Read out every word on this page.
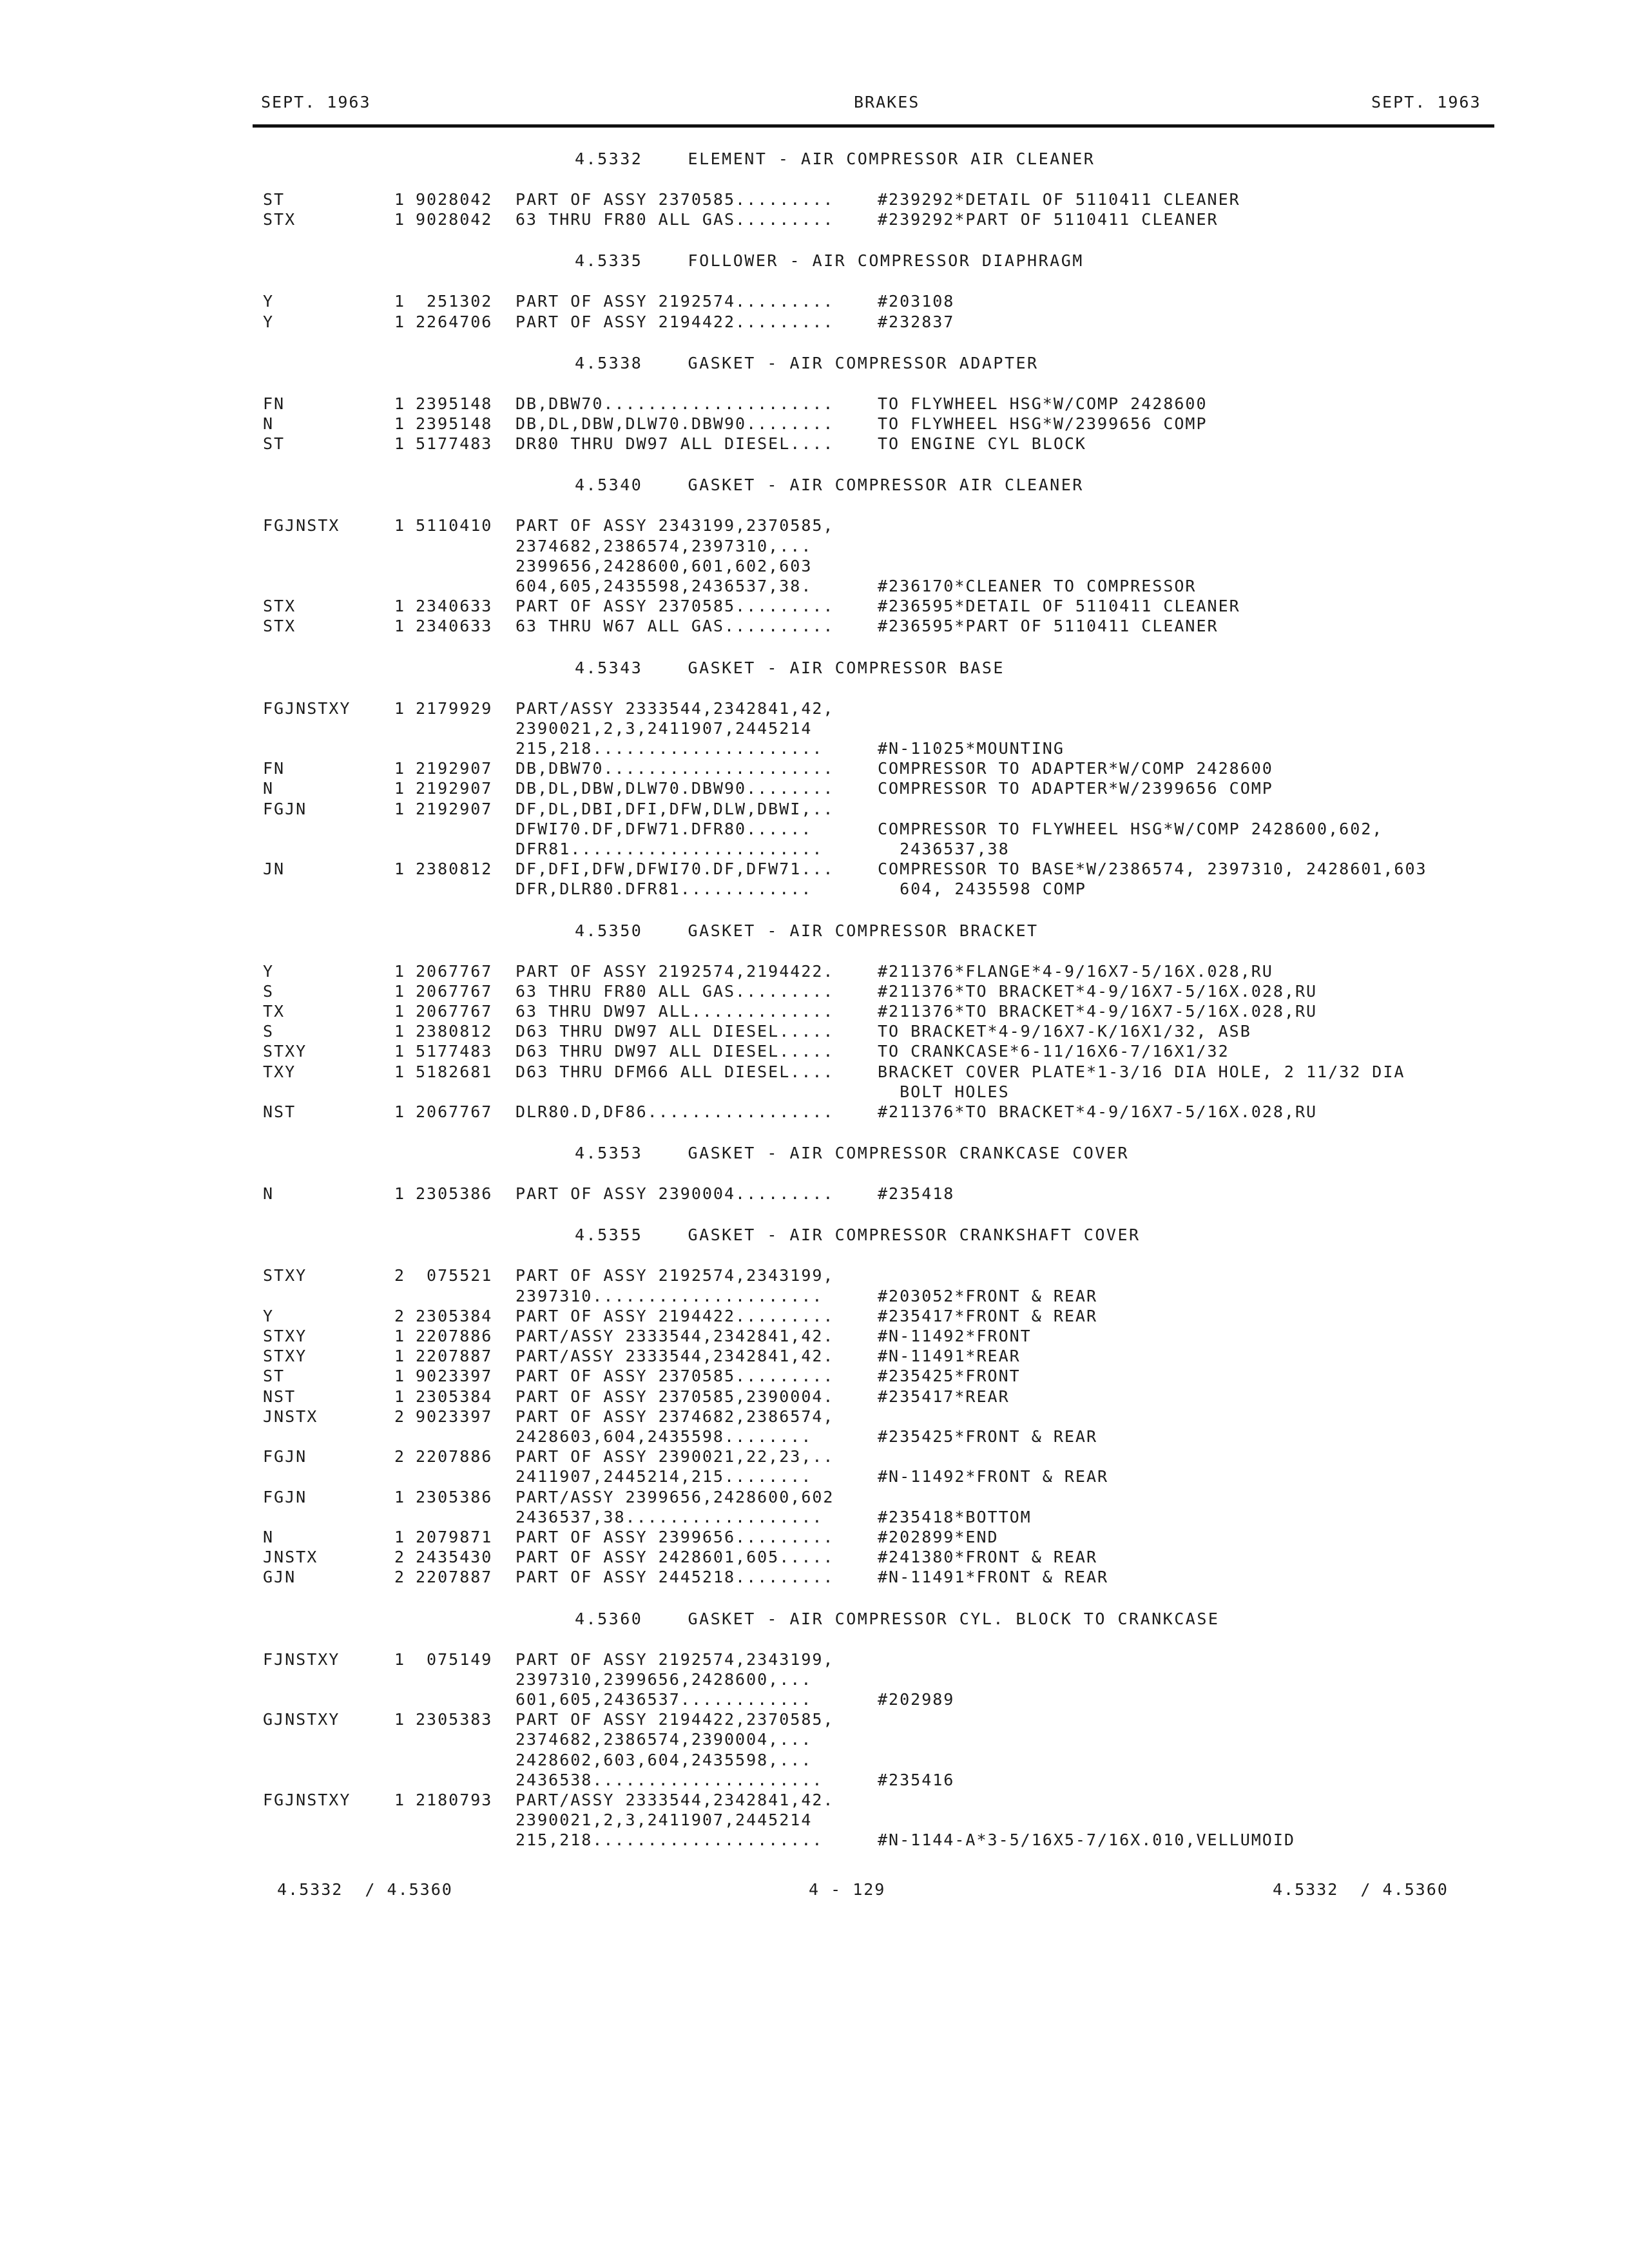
SEPT. 1963	BRAKES	SEPT. 1963
4.5332    ELEMENT - AIR COMPRESSOR AIR CLEANER
ST	1 9028042 PART OF ASSY 2370585.........	#239292*DETAIL OF 5110411 CLEANER
STX	1 9028042 63 THRU FR80 ALL GAS.........	#239292*PART OF 5110411 CLEANER
4.5335    FOLLOWER - AIR COMPRESSOR DIAPHRAGM
Y	1 251302 PART OF ASSY 2192574.........	#203108
Y	1 2264706 PART OF ASSY 2194422.........	#232837
4.5338    GASKET - AIR COMPRESSOR ADAPTER
FN	1 2395148 DB,DBW70.....................	TO FLYWHEEL HSG*W/COMP 2428600
N	1 2395148 DB,DL,DBW,DLW70.DBW90........	TO FLYWHEEL HSG*W/2399656 COMP
ST	1 5177483 DR80 THRU DW97 ALL DIESEL....	TO ENGINE CYL BLOCK
4.5340    GASKET - AIR COMPRESSOR AIR CLEANER
FGJNSTX	1 5110410 PART OF ASSY 2343199,2370585,
2374682,2386574,2397310,...
2399656,2428600,601,602,603
604,605,2435598,2436537,38.	#236170*CLEANER TO COMPRESSOR
STX	1 2340633 PART OF ASSY 2370585.........	#236595*DETAIL OF 5110411 CLEANER
STX	1 2340633 63 THRU W67 ALL GAS..........	#236595*PART OF 5110411 CLEANER
4.5343    GASKET - AIR COMPRESSOR BASE
FGJNSTXY	1 2179929 PART/ASSY 2333544,2342841,42,
2390021,2,3,2411907,2445214
215,218.....................	#N-11025*MOUNTING
FN	1 2192907 DB,DBW70.....................	COMPRESSOR TO ADAPTER*W/COMP 2428600
N	1 2192907 DB,DL,DBW,DLW70.DBW90........	COMPRESSOR TO ADAPTER*W/2399656 COMP
FGJN	1 2192907 DF,DL,DBI,DFI,DFW,DLW,DBWI,..
DFWI70.DF,DFW71.DFR80......	COMPRESSOR TO FLYWHEEL HSG*W/COMP 2428600,602,
DFR81.......................	2436537,38
JN	1 2380812 DF,DFI,DFW,DFWI70.DF,DFW71...	COMPRESSOR TO BASE*W/2386574, 2397310, 2428601,603
DFR,DLR80.DFR81............	604, 2435598 COMP
4.5350    GASKET - AIR COMPRESSOR BRACKET
Y	1 2067767 PART OF ASSY 2192574,2194422.	#211376*FLANGE*4-9/16X7-5/16X.028,RU
S	1 2067767 63 THRU FR80 ALL GAS.........	#211376*TO BRACKET*4-9/16X7-5/16X.028,RU
TX	1 2067767 63 THRU DW97 ALL.............	#211376*TO BRACKET*4-9/16X7-5/16X.028,RU
S	1 2380812 D63 THRU DW97 ALL DIESEL.....	TO BRACKET*4-9/16X7-K/16X1/32, ASB
STXY	1 5177483 D63 THRU DW97 ALL DIESEL.....	TO CRANKCASE*6-11/16X6-7/16X1/32
TXY	1 5182681 D63 THRU DFM66 ALL DIESEL....	BRACKET COVER PLATE*1-3/16 DIA HOLE, 2 11/32 DIA
BOLT HOLES
NST	1 2067767 DLR80.D,DF86.................	#211376*TO BRACKET*4-9/16X7-5/16X.028,RU
4.5353    GASKET - AIR COMPRESSOR CRANKCASE COVER
N	1 2305386 PART OF ASSY 2390004.........	#235418
4.5355    GASKET - AIR COMPRESSOR CRANKSHAFT COVER
STXY	2 075521 PART OF ASSY 2192574,2343199,
2397310.....................	#203052*FRONT & REAR
Y	2 2305384 PART OF ASSY 2194422.........	#235417*FRONT & REAR
STXY	1 2207886 PART/ASSY 2333544,2342841,42.	#N-11492*FRONT
STXY	1 2207887 PART/ASSY 2333544,2342841,42.	#N-11491*REAR
ST	1 9023397 PART OF ASSY 2370585.........	#235425*FRONT
NST	1 2305384 PART OF ASSY 2370585,2390004.	#235417*REAR
JNSTX	2 9023397 PART OF ASSY 2374682,2386574,
2428603,604,2435598........	#235425*FRONT & REAR
FGJN	2 2207886 PART OF ASSY 2390021,22,23,..
2411907,2445214,215........	#N-11492*FRONT & REAR
FGJN	1 2305386 PART/ASSY 2399656,2428600,602
2436537,38..................	#235418*BOTTOM
N	1 2079871 PART OF ASSY 2399656.........	#202899*END
JNSTX	2 2435430 PART OF ASSY 2428601,605.....	#241380*FRONT & REAR
GJN	2 2207887 PART OF ASSY 2445218.........	#N-11491*FRONT & REAR
4.5360    GASKET - AIR COMPRESSOR CYL. BLOCK TO CRANKCASE
FJNSTXY	1 075149 PART OF ASSY 2192574,2343199,
2397310,2399656,2428600,...
601,605,2436537............	#202989
GJNSTXY	1 2305383 PART OF ASSY 2194422,2370585,
2374682,2386574,2390004,...
2428602,603,604,2435598,...
2436538.....................	#235416
FGJNSTXY	1 2180793 PART/ASSY 2333544,2342841,42.
2390021,2,3,2411907,2445214
215,218.....................	#N-1144-A*3-5/16X5-7/16X.010,VELLUMOID
4.5332  / 4.5360	4 - 129	4.5332  / 4.5360
